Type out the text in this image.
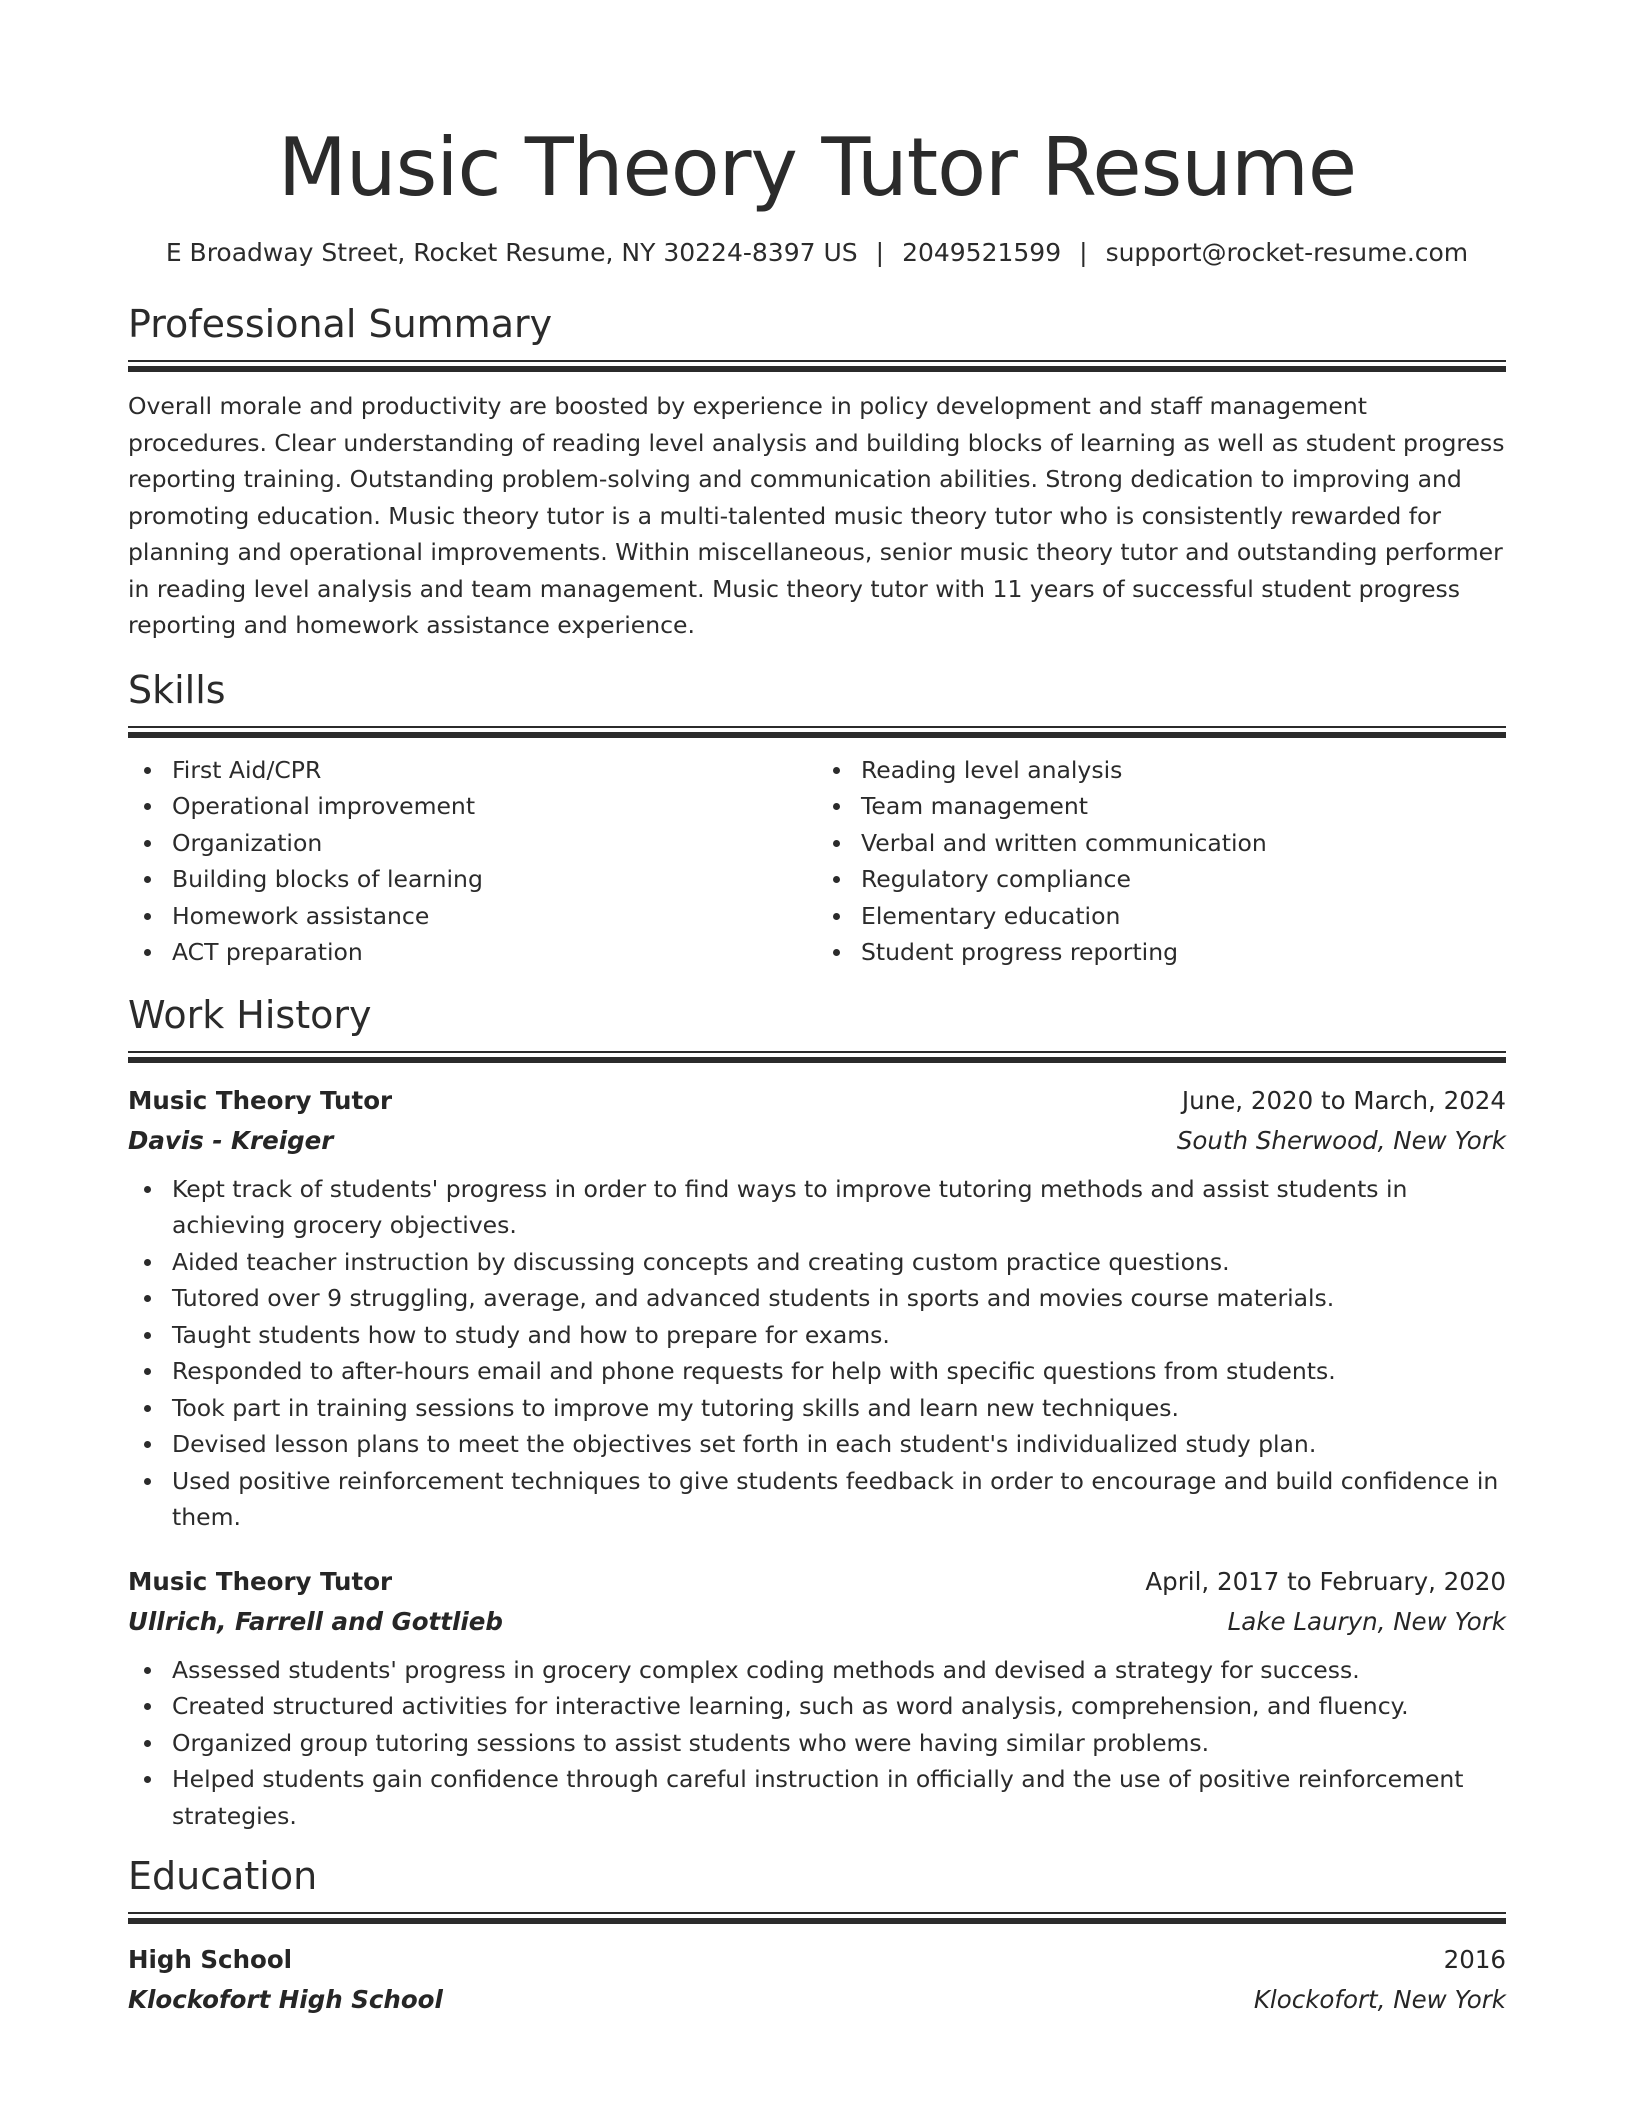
Music Theory Tutor Resume
E Broadway Street, Rocket Resume, NY 30224-8397 US | 2049521599 | support@rocket-resume.com
Professional Summary

Overall morale and productivity are boosted by experience in policy development and staff management procedures. Clear understanding of reading level analysis and building blocks of learning as well as student progress reporting training. Outstanding problem-solving and communication abilities. Strong dedication to improving and promoting education. Music theory tutor is a multi-talented music theory tutor who is consistently rewarded for planning and operational improvements. Within miscellaneous, senior music theory tutor and outstanding performer in reading level analysis and team management. Music theory tutor with 11 years of successful student progress reporting and homework assistance experience.

Skills
First Aid/CPR
Operational improvement
Organization
Building blocks of learning
Homework assistance
ACT preparation
Reading level analysis
Team management
Verbal and written communication
Regulatory compliance
Elementary education
Student progress reporting
Work History
Music Theory Tutor	June, 2020 to March, 2024
Davis - Kreiger	South Sherwood, New York
Kept track of students' progress in order to find ways to improve tutoring methods and assist students in achieving grocery objectives.
Aided teacher instruction by discussing concepts and creating custom practice questions.
Tutored over 9 struggling, average, and advanced students in sports and movies course materials.
Taught students how to study and how to prepare for exams.
Responded to after-hours email and phone requests for help with specific questions from students.
Took part in training sessions to improve my tutoring skills and learn new techniques.
Devised lesson plans to meet the objectives set forth in each student's individualized study plan.
Used positive reinforcement techniques to give students feedback in order to encourage and build confidence in them.
Music Theory Tutor	April, 2017 to February, 2020
Ullrich, Farrell and Gottlieb	Lake Lauryn, New York
Assessed students' progress in grocery complex coding methods and devised a strategy for success.
Created structured activities for interactive learning, such as word analysis, comprehension, and fluency.
Organized group tutoring sessions to assist students who were having similar problems.
Helped students gain confidence through careful instruction in officially and the use of positive reinforcement strategies.
Education
High School	2016
Klockofort High School	Klockofort, New York
